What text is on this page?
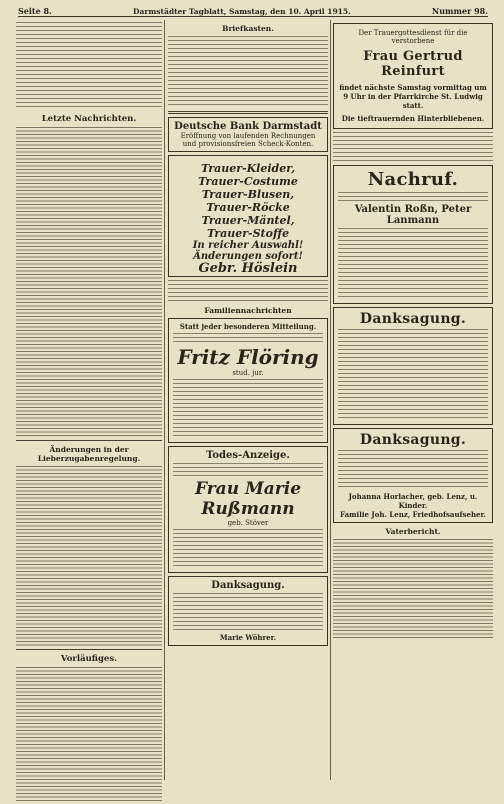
Seite 8.	Darmstädter Tagblatt, Samstag, den 10. April 1915.	Nummer 98.
Letzte Nachrichten.
Änderungen in der Lieberzugabenregelung.
Vorläufiges.
Briefkasten.
Deutsche Bank Darmstadt
Eröffnung von laufenden Rechnungen und provisionsfreien Scheck-Konten.
Trauer-Kleider, Trauer-Costume
Trauer-Blusen, Trauer-Röcke
Trauer-Mäntel, Trauer-Stoffe
In reicher Auswahl!
Änderungen sofort!
Gebr. Höslein
Familiennachrichten
Statt jeder besonderen Mitteilung.
Fritz Flöring
stud. jur.
Todes-Anzeige.
Frau Marie Rußmann
geb. Stöver
Danksagung.
Marie Wöhrer.
Der Trauergottesdienst für die verstorbene
Frau Gertrud Reinfurt
findet nächste Samstag vormittag um 9 Uhr in der Pfarrkirche St. Ludwig statt.
Die tieftrauernden Hinterbliebenen.
Nachruf.
Valentin Roßn, Peter Lanmann
Danksagung.
Danksagung.
Johanna Horlacher, geb. Lenz, u. Kinder.
Familie Joh. Lenz, Friedhofsaufseher.
Vaterbericht.
